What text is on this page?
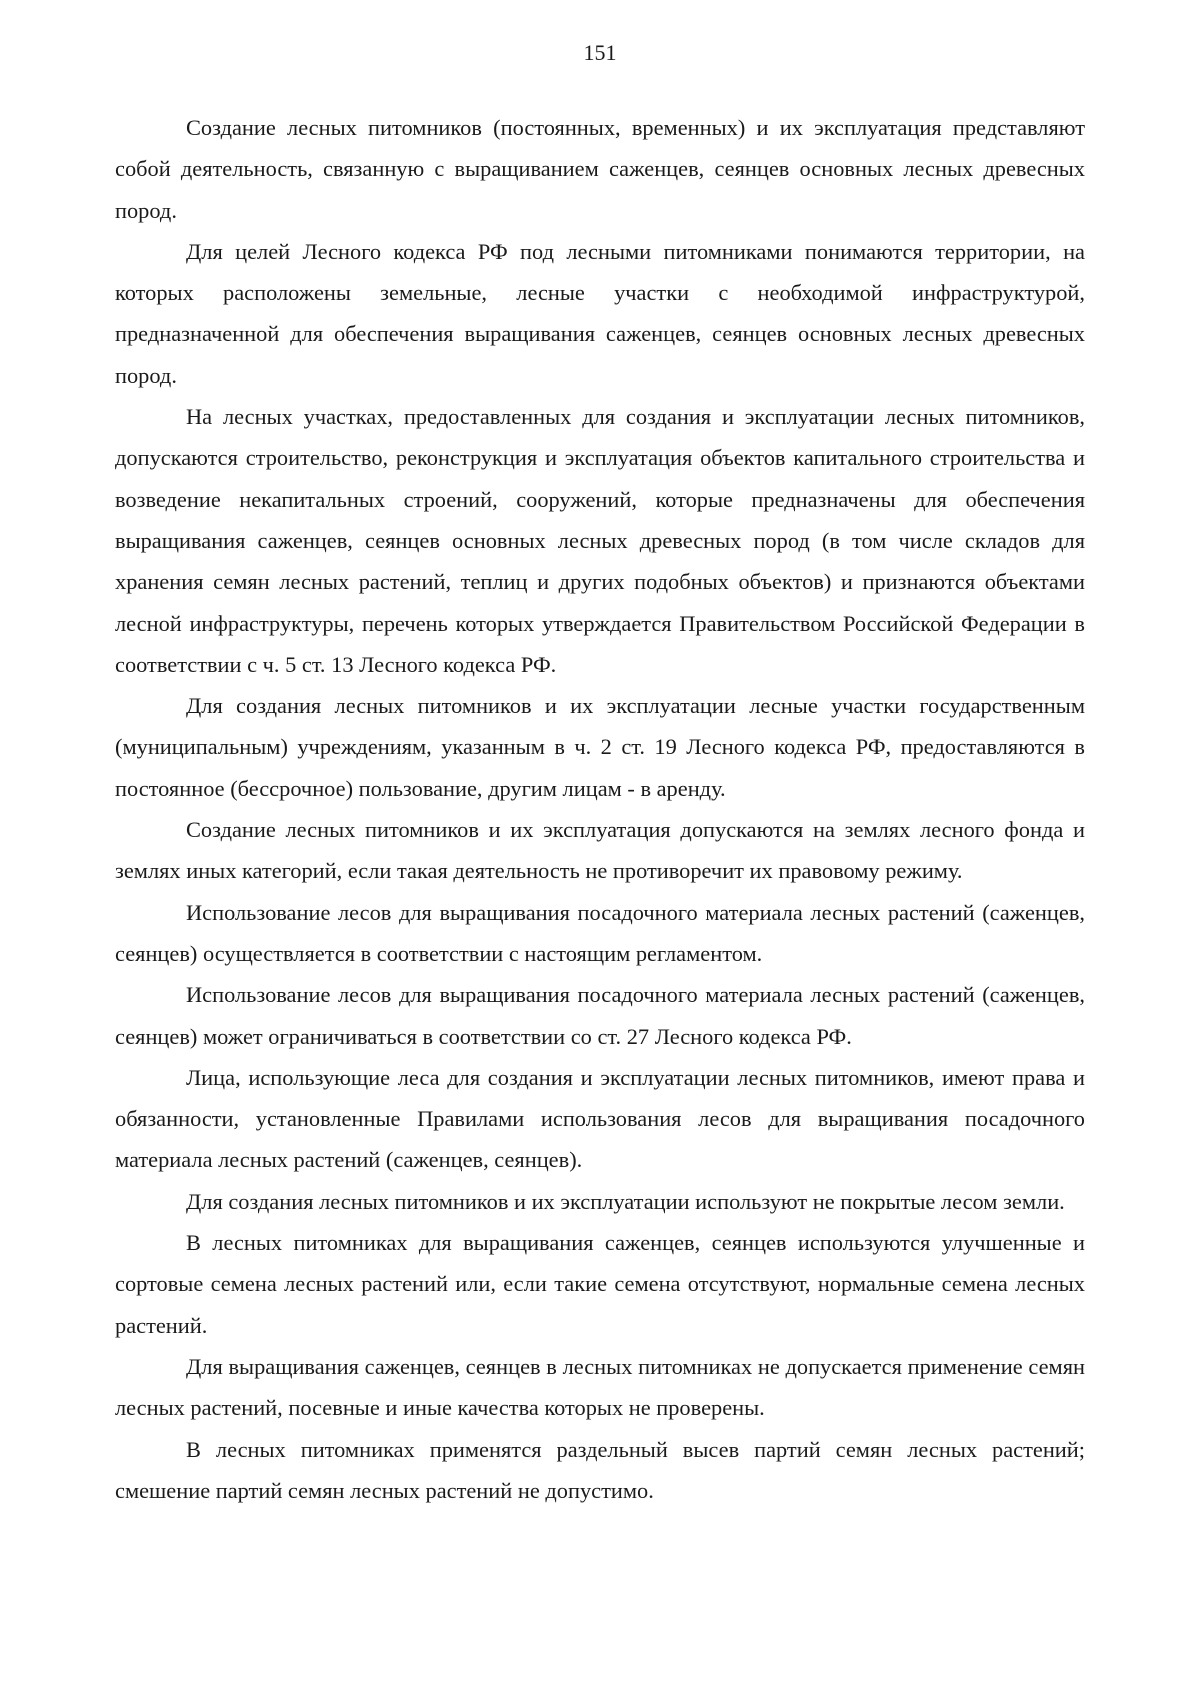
151

Создание лесных питомников (постоянных, временных) и их эксплуатация представляют собой деятельность, связанную с выращиванием саженцев, сеянцев основных лесных древесных пород.

Для целей Лесного кодекса РФ под лесными питомниками понимаются территории, на которых расположены земельные, лесные участки с необходимой инфраструктурой, предназначенной для обеспечения выращивания саженцев, сеянцев основных лесных древесных пород.

На лесных участках, предоставленных для создания и эксплуатации лесных питомников, допускаются строительство, реконструкция и эксплуатация объектов капитального строительства и возведение некапитальных строений, сооружений, которые предназначены для обеспечения выращивания саженцев, сеянцев основных лесных древесных пород (в том числе складов для хранения семян лесных растений, теплиц и других подобных объектов) и признаются объектами лесной инфраструктуры, перечень которых утверждается Правительством Российской Федерации в соответствии с ч. 5 ст. 13 Лесного кодекса РФ.

Для создания лесных питомников и их эксплуатации лесные участки государственным (муниципальным) учреждениям, указанным в ч. 2 ст. 19 Лесного кодекса РФ, предоставляются в постоянное (бессрочное) пользование, другим лицам - в аренду.

Создание лесных питомников и их эксплуатация допускаются на землях лесного фонда и землях иных категорий, если такая деятельность не противоречит их правовому режиму.

Использование лесов для выращивания посадочного материала лесных растений (саженцев, сеянцев) осуществляется в соответствии с настоящим регламентом.

Использование лесов для выращивания посадочного материала лесных растений (саженцев, сеянцев) может ограничиваться в соответствии со ст. 27 Лесного кодекса РФ.

Лица, использующие леса для создания и эксплуатации лесных питомников, имеют права и обязанности, установленные Правилами использования лесов для выращивания посадочного материала лесных растений (саженцев, сеянцев).

Для создания лесных питомников и их эксплуатации используют не покрытые лесом земли.

В лесных питомниках для выращивания саженцев, сеянцев используются улучшенные и сортовые семена лесных растений или, если такие семена отсутствуют, нормальные семена лесных растений.

Для выращивания саженцев, сеянцев в лесных питомниках не допускается применение семян лесных растений, посевные и иные качества которых не проверены.

В лесных питомниках применятся раздельный высев партий семян лесных растений; смешение партий семян лесных растений не допустимо.
